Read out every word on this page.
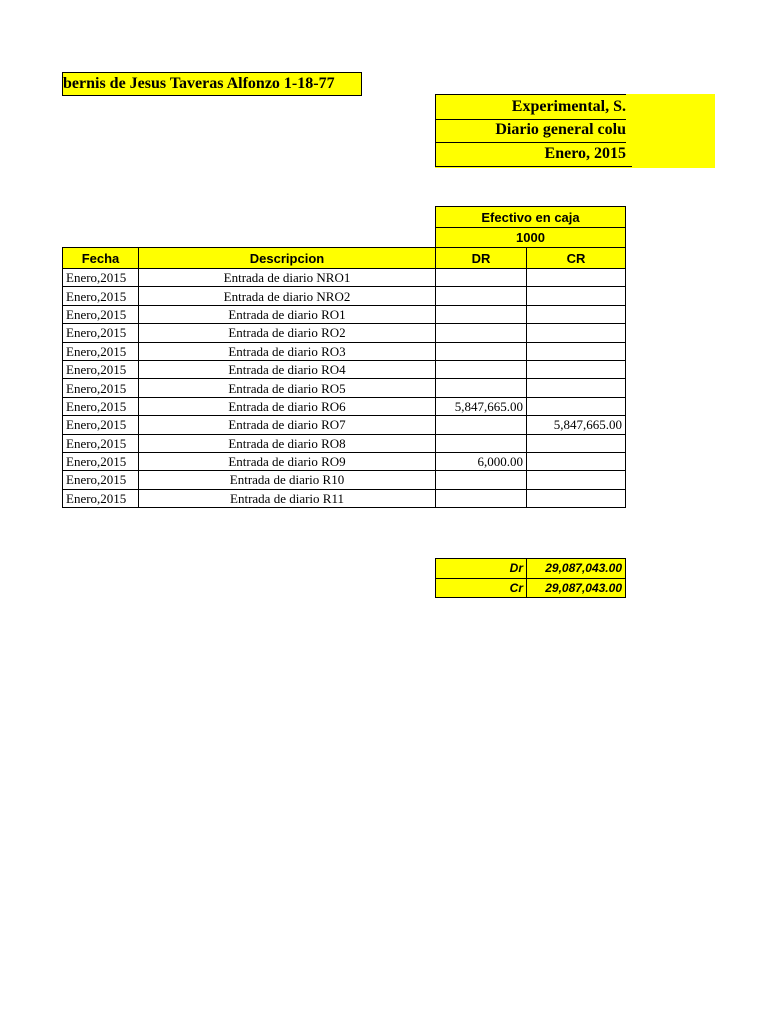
bernis de Jesus Taveras Alfonzo 1-18-77
Experimental, S.
Diario general colu
Enero, 2015
		Efectivo en caja	
		1000	
Fecha	Descripcion	DR	CR
Enero,2015	Entrada de diario NRO1		
Enero,2015	Entrada de diario NRO2		
Enero,2015	Entrada de diario RO1		
Enero,2015	Entrada de diario RO2		
Enero,2015	Entrada de diario RO3		
Enero,2015	Entrada de diario RO4		
Enero,2015	Entrada de diario RO5		
Enero,2015	Entrada de diario RO6	5,847,665.00	
Enero,2015	Entrada de diario RO7		5,847,665.00
Enero,2015	Entrada de diario RO8		
Enero,2015	Entrada de diario RO9	6,000.00	
Enero,2015	Entrada de diario R10		
Enero,2015	Entrada de diario R11		
Dr	29,087,043.00
Cr	29,087,043.00
